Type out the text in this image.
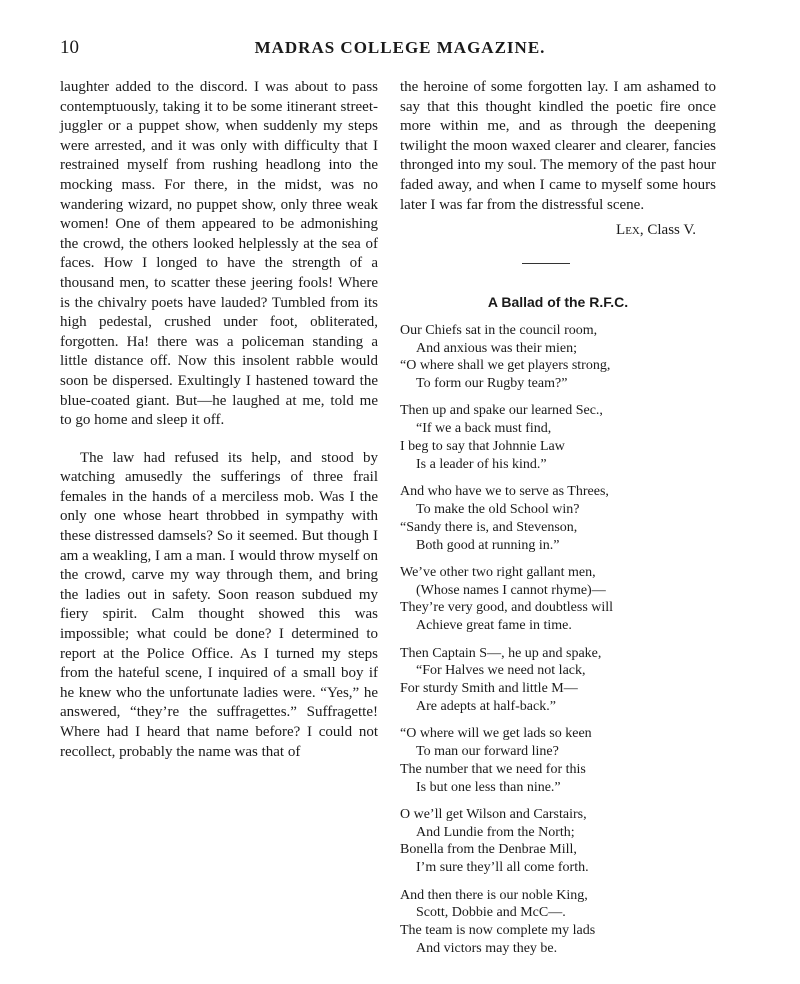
10	MADRAS COLLEGE MAGAZINE.

laughter added to the discord. I was about to pass contemptuously, taking it to be some itinerant street-juggler or a puppet show, when suddenly my steps were arrested, and it was only with difficulty that I restrained myself from rushing headlong into the mocking mass. For there, in the midst, was no wandering wizard, no puppet show, only three weak women! One of them appeared to be admonishing the crowd, the others looked helplessly at the sea of faces. How I longed to have the strength of a thousand men, to scatter these jeering fools! Where is the chivalry poets have lauded? Tumbled from its high pedestal, crushed under foot, obliterated, forgotten. Ha! there was a policeman standing a little distance off. Now this insolent rabble would soon be dispersed. Exultingly I hastened toward the blue-coated giant. But—he laughed at me, told me to go home and sleep it off.

The law had refused its help, and stood by watching amusedly the sufferings of three frail females in the hands of a merciless mob. Was I the only one whose heart throbbed in sympathy with these distressed damsels? So it seemed. But though I am a weakling, I am a man. I would throw myself on the crowd, carve my way through them, and bring the ladies out in safety. Soon reason subdued my fiery spirit. Calm thought showed this was impossible; what could be done? I determined to report at the Police Office. As I turned my steps from the hateful scene, I inquired of a small boy if he knew who the unfortunate ladies were. “Yes,” he answered, “they’re the suffragettes.” Suffragette! Where had I heard that name before? I could not recollect, probably the name was that of

the heroine of some forgotten lay. I am ashamed to say that this thought kindled the poetic fire once more within me, and as through the deepening twilight the moon waxed clearer and clearer, fancies thronged into my soul. The memory of the past hour faded away, and when I came to myself some hours later I was far from the distressful scene.

Lex, Class V.
A Ballad of the R.F.C.
Our Chiefs sat in the council room,
And anxious was their mien;
“O where shall we get players strong,
To form our Rugby team?”
Then up and spake our learned Sec.,
“If we a back must find,
I beg to say that Johnnie Law
Is a leader of his kind.”
And who have we to serve as Threes,
To make the old School win?
“Sandy there is, and Stevenson,
Both good at running in.”
We’ve other two right gallant men,
(Whose names I cannot rhyme)—
They’re very good, and doubtless will
Achieve great fame in time.
Then Captain S—, he up and spake,
“For Halves we need not lack,
For sturdy Smith and little M—
Are adepts at half-back.”
“O where will we get lads so keen
To man our forward line?
The number that we need for this
Is but one less than nine.”
O we’ll get Wilson and Carstairs,
And Lundie from the North;
Bonella from the Denbrae Mill,
I’m sure they’ll all come forth.
And then there is our noble King,
Scott, Dobbie and McC—.
The team is now complete my lads
And victors may they be.
